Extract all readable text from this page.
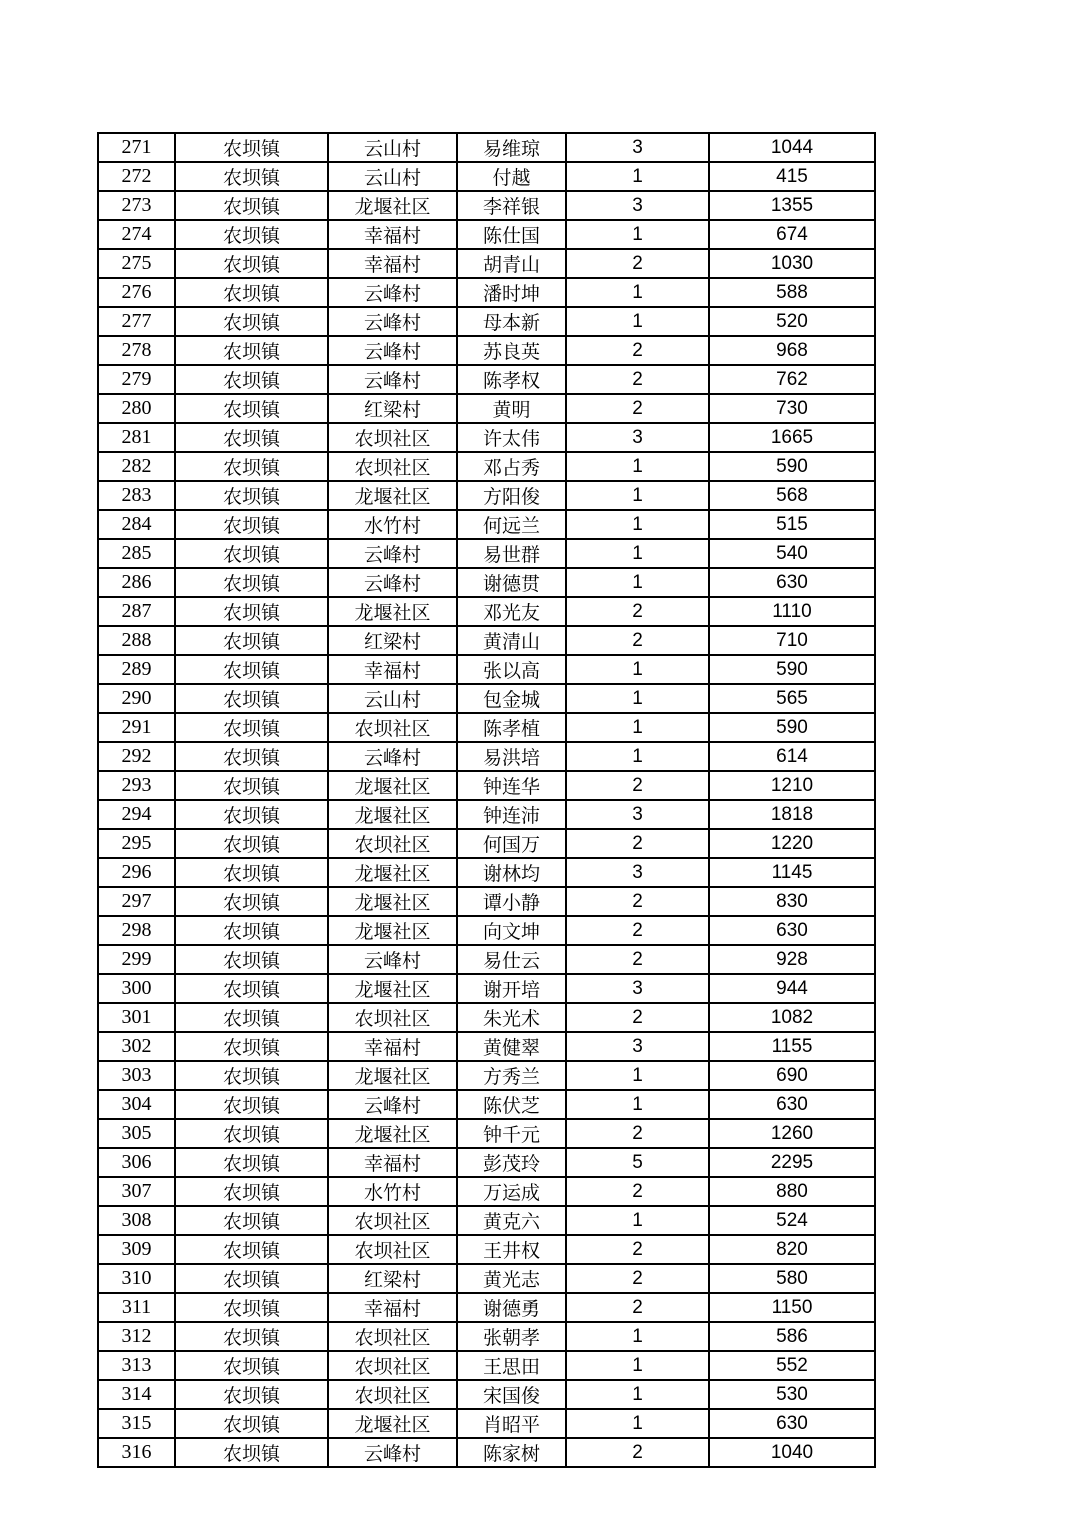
271	农坝镇	云山村	易维琼	3	1044
272	农坝镇	云山村	付越	1	415
273	农坝镇	龙堰社区	李祥银	3	1355
274	农坝镇	幸福村	陈仕国	1	674
275	农坝镇	幸福村	胡青山	2	1030
276	农坝镇	云峰村	潘时坤	1	588
277	农坝镇	云峰村	母本新	1	520
278	农坝镇	云峰村	苏良英	2	968
279	农坝镇	云峰村	陈孝权	2	762
280	农坝镇	红梁村	黄明	2	730
281	农坝镇	农坝社区	许太伟	3	1665
282	农坝镇	农坝社区	邓占秀	1	590
283	农坝镇	龙堰社区	方阳俊	1	568
284	农坝镇	水竹村	何远兰	1	515
285	农坝镇	云峰村	易世群	1	540
286	农坝镇	云峰村	谢德贯	1	630
287	农坝镇	龙堰社区	邓光友	2	1110
288	农坝镇	红梁村	黄清山	2	710
289	农坝镇	幸福村	张以高	1	590
290	农坝镇	云山村	包金城	1	565
291	农坝镇	农坝社区	陈孝植	1	590
292	农坝镇	云峰村	易洪培	1	614
293	农坝镇	龙堰社区	钟连华	2	1210
294	农坝镇	龙堰社区	钟连沛	3	1818
295	农坝镇	农坝社区	何国万	2	1220
296	农坝镇	龙堰社区	谢林均	3	1145
297	农坝镇	龙堰社区	谭小静	2	830
298	农坝镇	龙堰社区	向文坤	2	630
299	农坝镇	云峰村	易仕云	2	928
300	农坝镇	龙堰社区	谢开培	3	944
301	农坝镇	农坝社区	朱光术	2	1082
302	农坝镇	幸福村	黄健翠	3	1155
303	农坝镇	龙堰社区	方秀兰	1	690
304	农坝镇	云峰村	陈伏芝	1	630
305	农坝镇	龙堰社区	钟千元	2	1260
306	农坝镇	幸福村	彭茂玲	5	2295
307	农坝镇	水竹村	万运成	2	880
308	农坝镇	农坝社区	黄克六	1	524
309	农坝镇	农坝社区	王井权	2	820
310	农坝镇	红梁村	黄光志	2	580
311	农坝镇	幸福村	谢德勇	2	1150
312	农坝镇	农坝社区	张朝孝	1	586
313	农坝镇	农坝社区	王思田	1	552
314	农坝镇	农坝社区	宋国俊	1	530
315	农坝镇	龙堰社区	肖昭平	1	630
316	农坝镇	云峰村	陈家树	2	1040
